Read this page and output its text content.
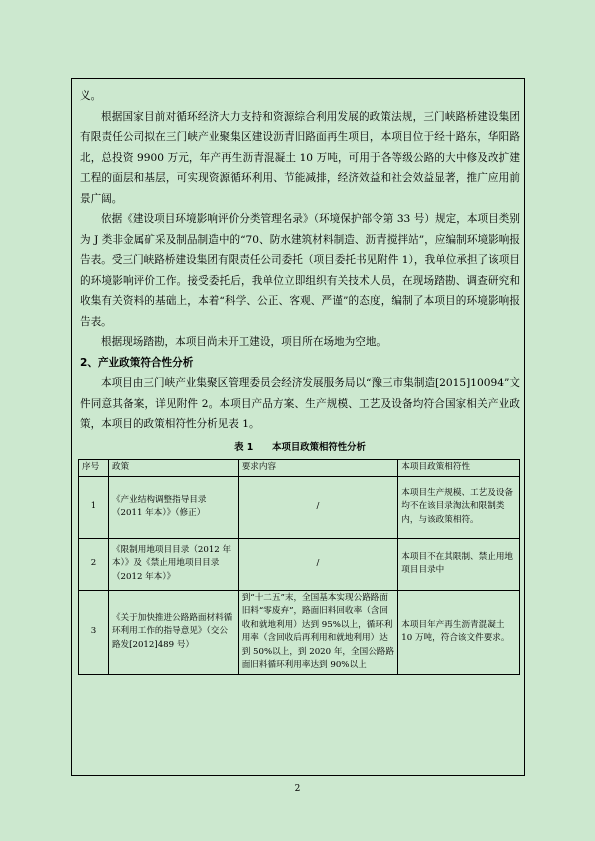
义。

根据国家目前对循环经济大力支持和资源综合利用发展的政策法规，三门峡路桥建设集团有限责任公司拟在三门峡产业聚集区建设沥青旧路面再生项目，本项目位于经十路东，华阳路北，总投资 9900 万元，年产再生沥青混凝土 10 万吨，可用于各等级公路的大中修及改扩建工程的面层和基层，可实现资源循环利用、节能减排，经济效益和社会效益显著，推广应用前景广阔。

依据《建设项目环境影响评价分类管理名录》（环境保护部令第 33 号）规定，本项目类别为 J 类非金属矿采及制品制造中的“70、防水建筑材料制造、沥青搅拌站”，应编制环境影响报告表。受三门峡路桥建设集团有限责任公司委托（项目委托书见附件 1），我单位承担了该项目的环境影响评价工作。接受委托后，我单位立即组织有关技术人员，在现场踏勘、调查研究和收集有关资料的基础上，本着“科学、公正、客观、严谨”的态度，编制了本项目的环境影响报告表。

根据现场踏勘，本项目尚未开工建设，项目所在场地为空地。

2、产业政策符合性分析

本项目由三门峡产业集聚区管理委员会经济发展服务局以“豫三市集制造[2015]10094”文件同意其备案，详见附件 2。本项目产品方案、生产规模、工艺及设备均符合国家相关产业政策，本项目的政策相符性分析见表 1。

表 1　　本项目政策相符性分析
序号	政策	要求内容	本项目政策相符性
1	《产业结构调整指导目录（2011 年本）》（修正）	/	本项目生产规模、工艺及设备均不在该目录淘汰和限制类内，与该政策相符。
2	《限制用地项目目录（2012 年本）》及《禁止用地项目目录（2012 年本）》	/	本项目不在其限制、禁止用地项目目录中
3	《关于加快推进公路路面材料循环利用工作的指导意见》（交公路发[2012]489 号）	到“十二五”末，全国基本实现公路路面旧料“零废弃”，路面旧料回收率（含回收和就地利用）达到 95%以上，循环利用率（含回收后再利用和就地利用）达到 50%以上，到 2020 年，全国公路路面旧料循环利用率达到 90%以上	本项目年产再生沥青混凝土 10 万吨，符合该文件要求。
2
